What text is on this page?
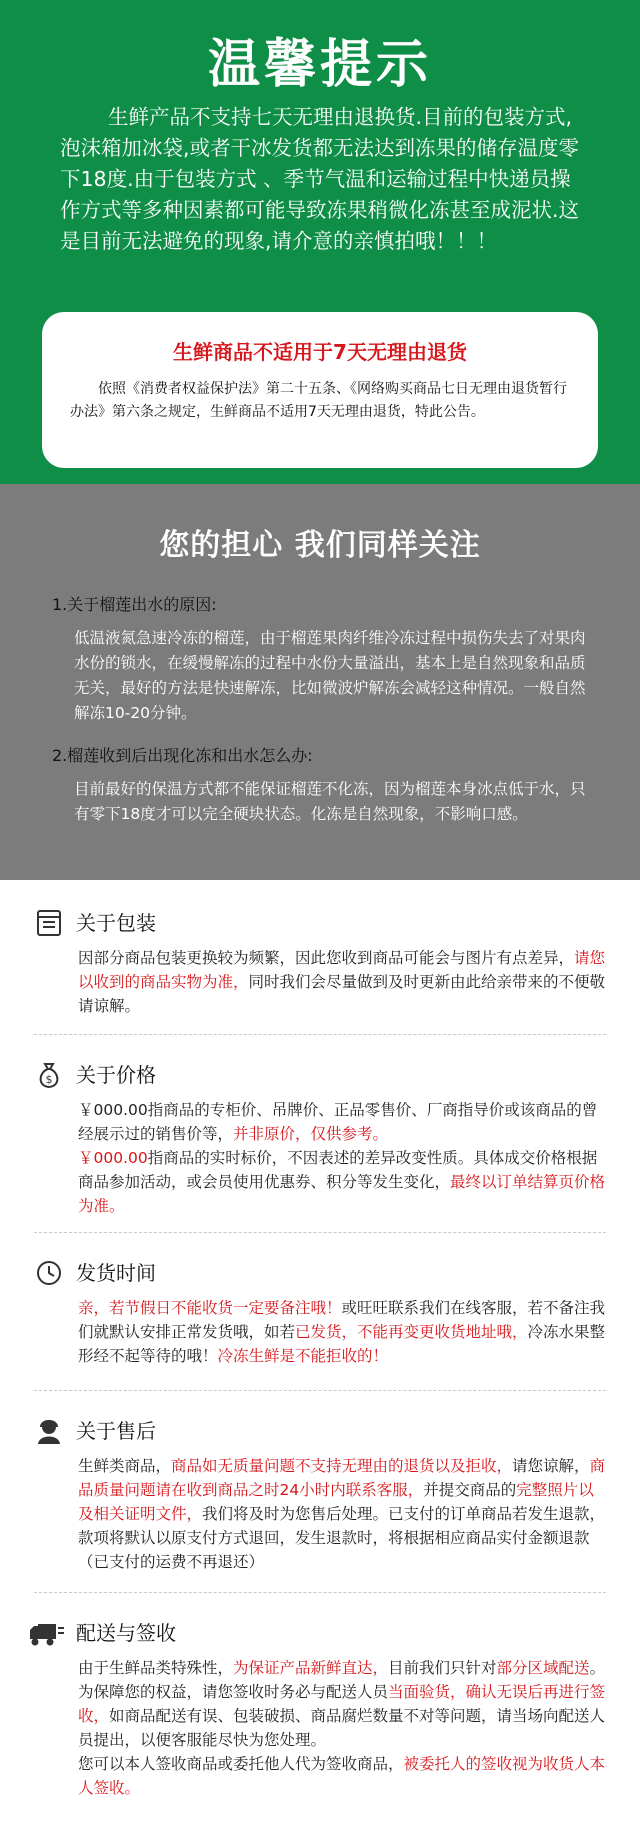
温馨提示

生鲜产品不支持七天无理由退换货.目前的包装方式,泡沫箱加冰袋,或者干冰发货都无法达到冻果的储存温度零下18度.由于包装方式 、季节气温和运输过程中快递员操作方式等多种因素都可能导致冻果稍微化冻甚至成泥状.这是目前无法避免的现象,请介意的亲慎拍哦！！！

生鲜商品不适用于7天无理由退货

依照《消费者权益保护法》第二十五条、《网络购买商品七日无理由退货暂行办法》第六条之规定，生鲜商品不适用7天无理由退货，特此公告。

您的担心 我们同样关注
1.关于榴莲出水的原因:

低温液氮急速冷冻的榴莲，由于榴莲果肉纤维冷冻过程中损伤失去了对果肉水份的锁水，在缓慢解冻的过程中水份大量溢出，基本上是自然现象和品质无关，最好的方法是快速解冻，比如微波炉解冻会减轻这种情况。一般自然解冻10-20分钟。

2.榴莲收到后出现化冻和出水怎么办:

目前最好的保温方式都不能保证榴莲不化冻，因为榴莲本身冰点低于水，只有零下18度才可以完全硬块状态。化冻是自然现象，不影响口感。

关于包装

因部分商品包装更换较为频繁，因此您收到商品可能会与图片有点差异，请您以收到的商品实物为准，同时我们会尽量做到及时更新由此给亲带来的不便敬请谅解。

$ 关于价格

￥000.00指商品的专柜价、吊牌价、正品零售价、厂商指导价或该商品的曾经展示过的销售价等，并非原价，仅供参考。
￥000.00指商品的实时标价，不因表述的差异改变性质。具体成交价格根据商品参加活动，或会员使用优惠券、积分等发生变化，最终以订单结算页价格为准。

发货时间

亲，若节假日不能收货一定要备注哦！或旺旺联系我们在线客服，若不备注我们就默认安排正常发货哦，如若已发货，不能再变更收货地址哦，冷冻水果整形经不起等待的哦！冷冻生鲜是不能拒收的！

关于售后

生鲜类商品，商品如无质量问题不支持无理由的退货以及拒收，请您谅解，商品质量问题请在收到商品之时24小时内联系客服，并提交商品的完整照片以及相关证明文件，我们将及时为您售后处理。已支付的订单商品若发生退款，款项将默认以原支付方式退回，发生退款时，将根据相应商品实付金额退款（已支付的运费不再退还）

配送与签收

由于生鲜品类特殊性，为保证产品新鲜直达，目前我们只针对部分区域配送。
为保障您的权益，请您签收时务必与配送人员当面验货，确认无误后再进行签收，如商品配送有误、包装破损、商品腐烂数量不对等问题，请当场向配送人员提出，以便客服能尽快为您处理。
您可以本人签收商品或委托他人代为签收商品，被委托人的签收视为收货人本人签收。
